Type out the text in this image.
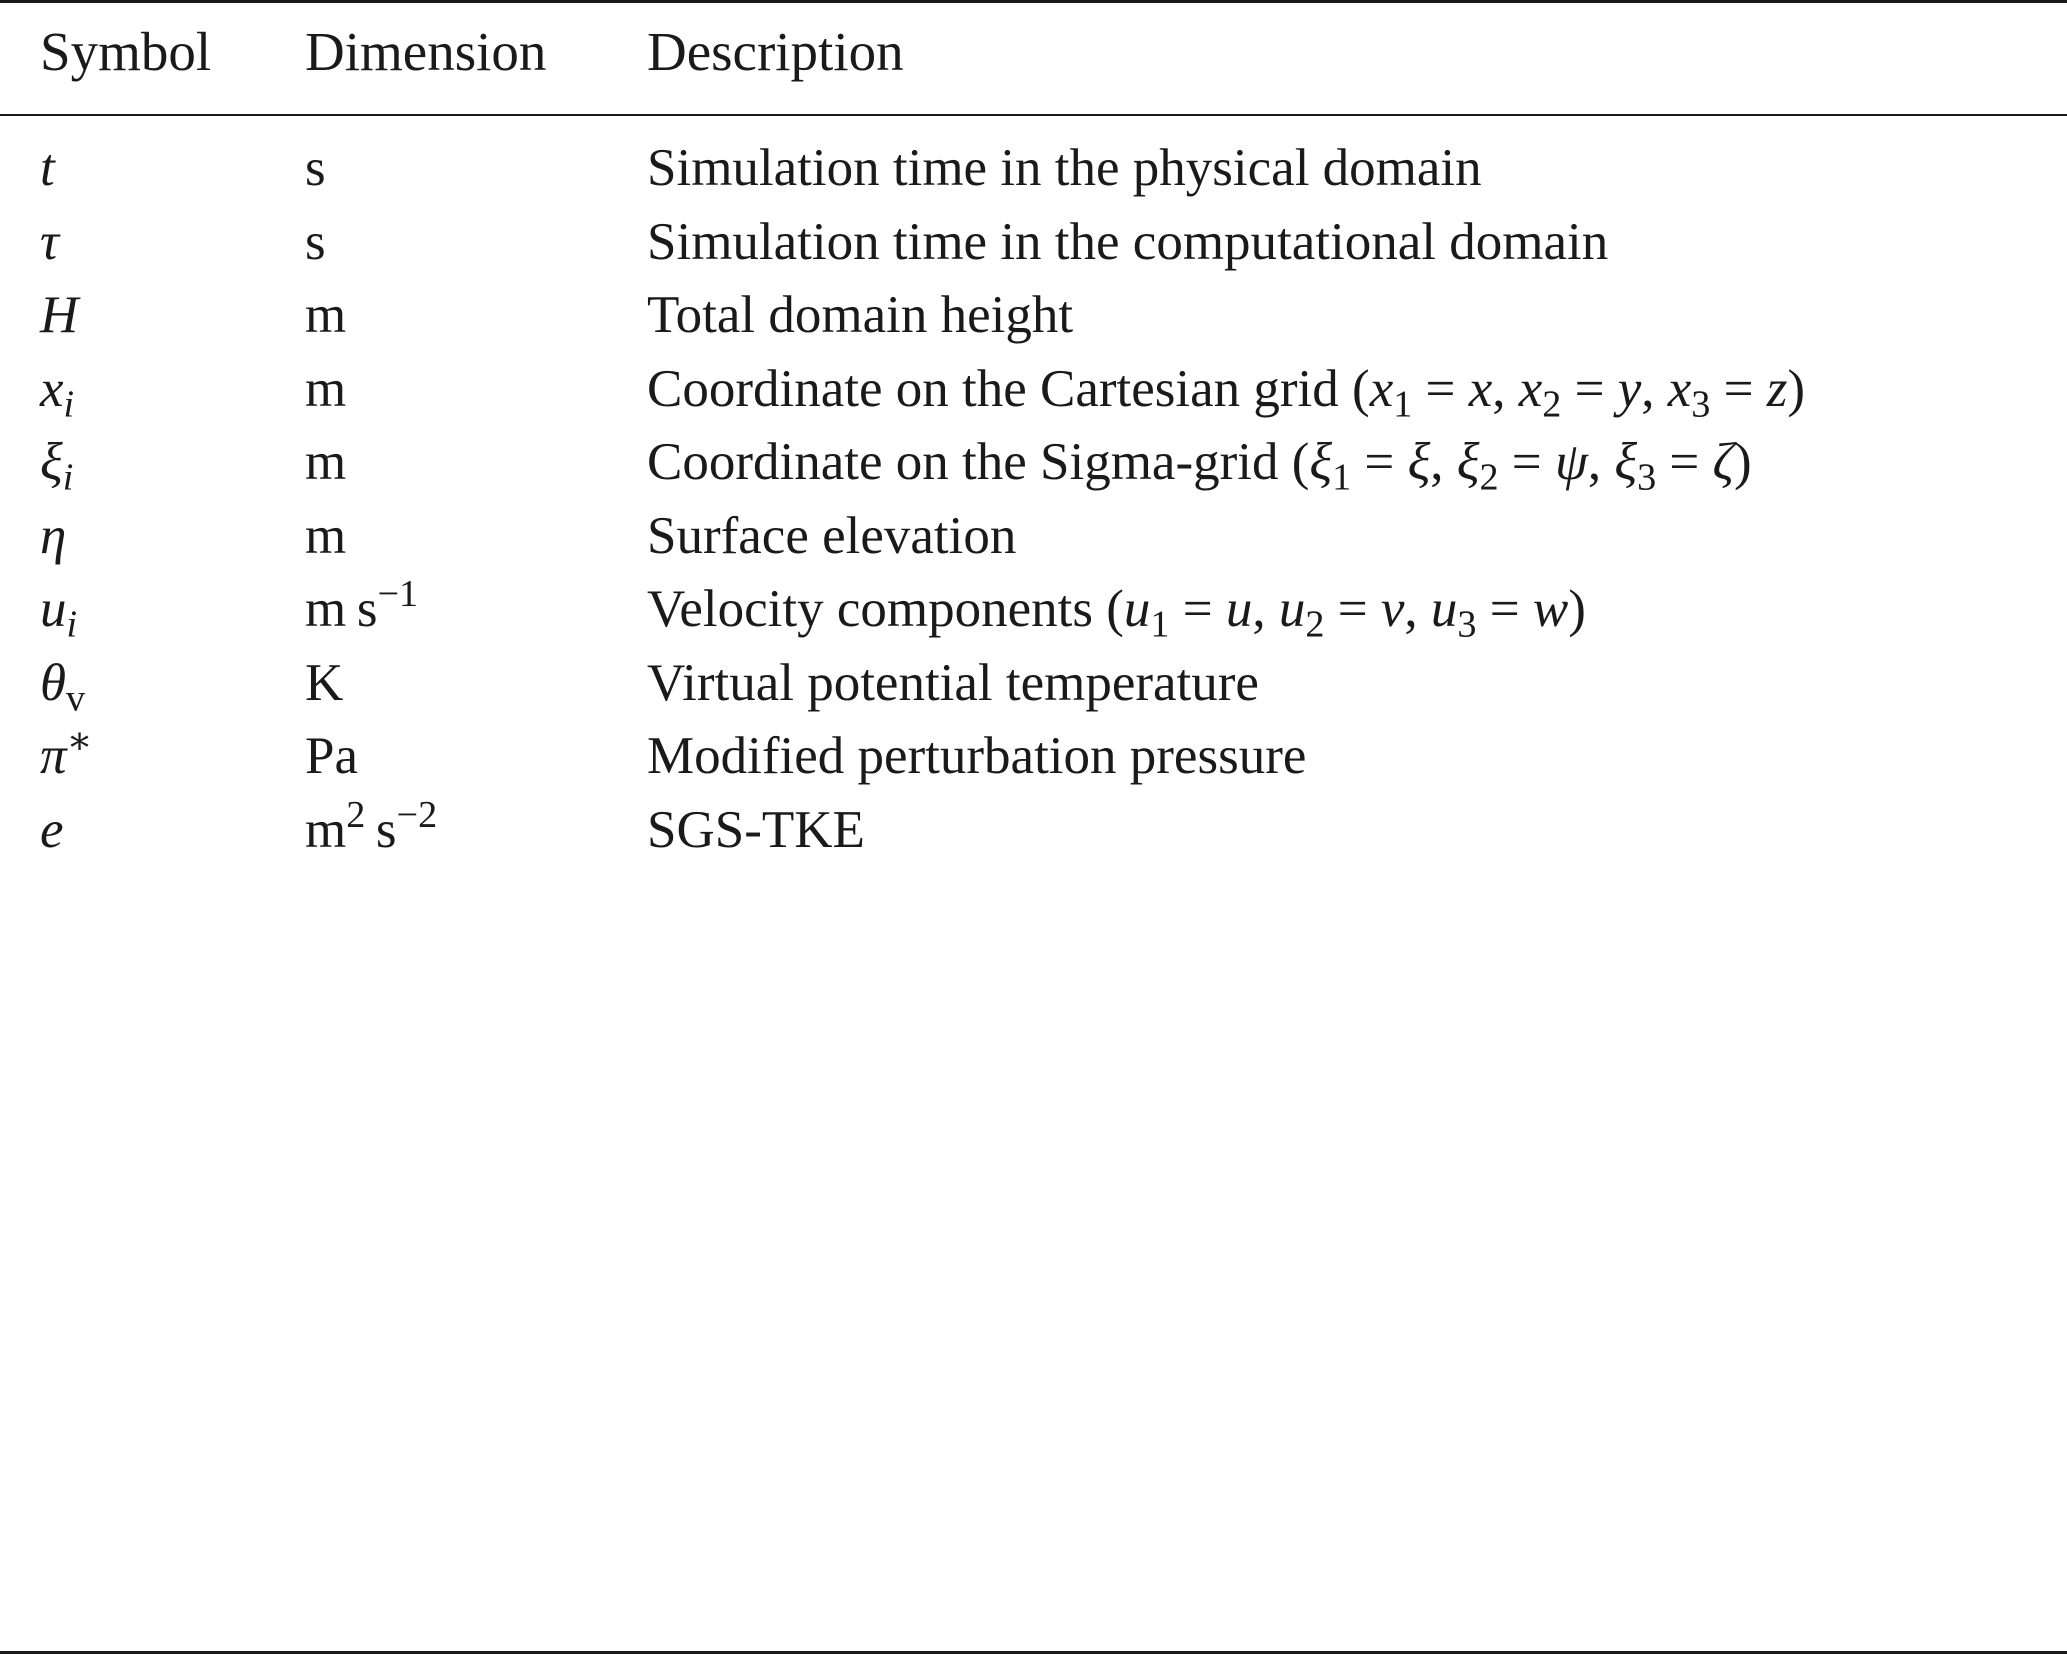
Symbol Dimension Description
t	s	Simulation time in the physical domain
τ	s	Simulation time in the computational domain
H	m	Total domain height
$x_i$	m	Coordinate on the Cartesian grid ($x_1 = x$, $x_2 = y$, $x_3 = z$)
$\xi_i$	m	Coordinate on the Sigma-grid ($\xi_1 = \xi$, $\xi_2 = \psi$, $\xi_3 = \zeta$)
η	m	Surface elevation
$u_i$	m $s^{-1}$	Velocity components ($u_1 = u$, $u_2 = v$, $u_3 = w$)
$\theta_v$	K	Virtual potential temperature
π∗	Pa	Modified perturbation pressure
e	$m^2$ $s^{-2}$	SGS-TKE
